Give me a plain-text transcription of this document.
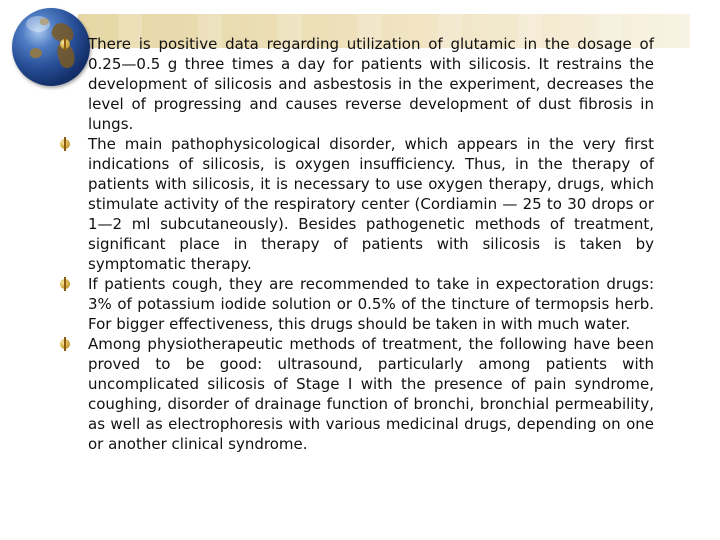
There is positive data regarding utilization of glutamic in the dosage of 0.25—0.5 g three times a day for patients with silicosis. It restrains the development of silicosis and asbestosis in the experiment, decreases the level of progressing and causes reverse development of dust fibrosis in lungs.

The main pathophysicological disorder, which appears in the very first indications of silicosis, is oxygen insufficiency. Thus, in the therapy of patients with silicosis, it is necessary to use oxygen therapy, drugs, which stimulate activity of the respiratory center (Cordiamin — 25 to 30 drops or 1—2 ml subcutaneously). Besides pathogenetic methods of treatment, significant place in therapy of patients with silicosis is taken by symptomatic therapy.

If patients cough, they are recommended to take in expectoration drugs: 3% of potassium iodide solution or 0.5% of the tincture of termopsis herb. For bigger effectiveness, this drugs should be taken in with much water.

Among physiotherapeutic methods of treatment, the following have been proved to be good: ultrasound, particularly among patients with uncomplicated silicosis of Stage I with the presence of pain syndrome, coughing, disorder of drainage function of bronchi, bronchial permeability, as well as electrophoresis with various medicinal drugs, depending on one or another clinical syndrome.
